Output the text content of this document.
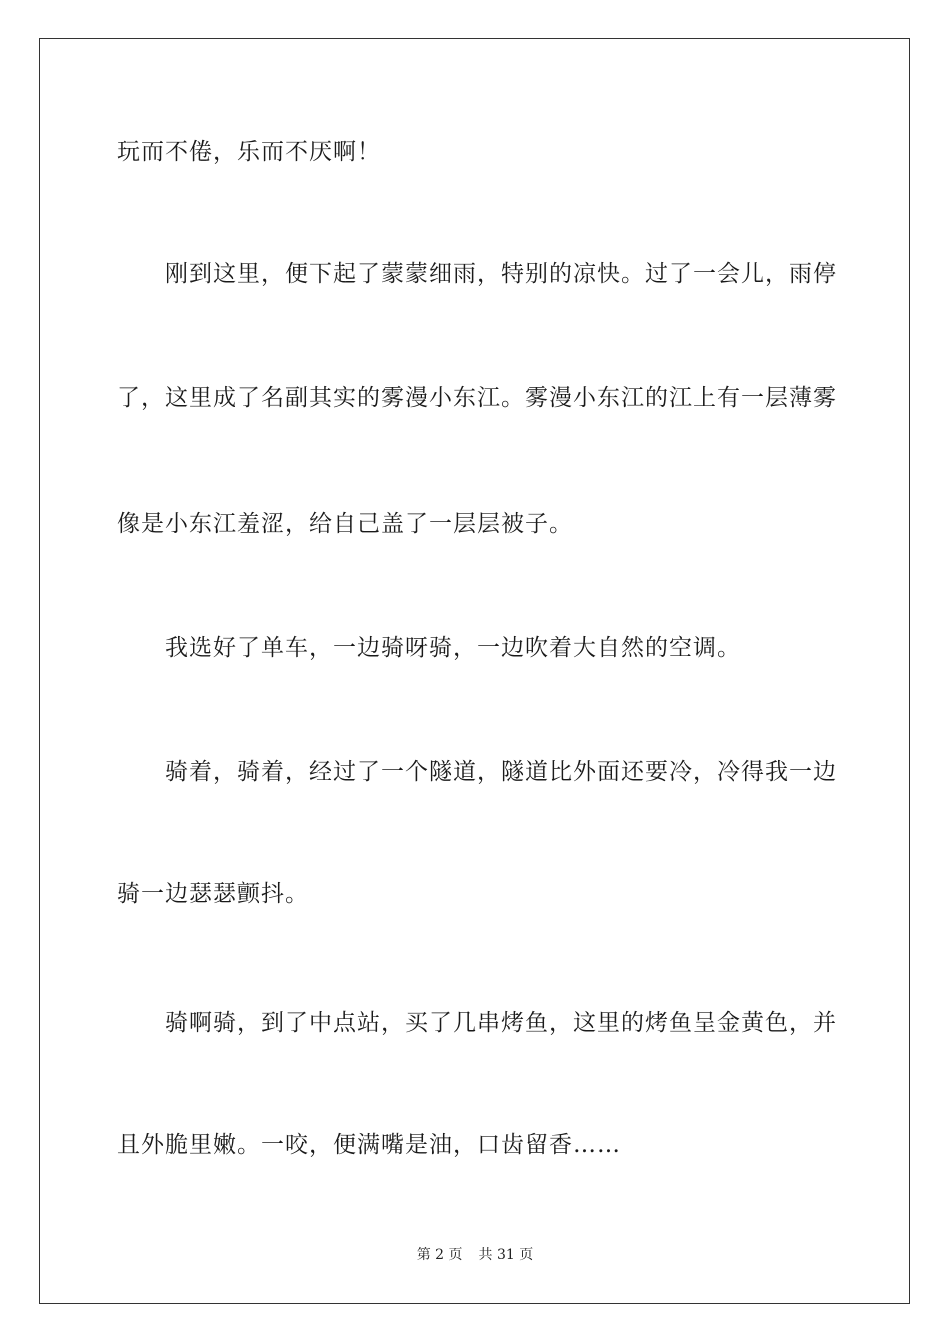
玩而不倦，乐而不厌啊！
刚到这里，便下起了蒙蒙细雨，特别的凉快。过了一会儿，雨停
了，这里成了名副其实的雾漫小东江。雾漫小东江的江上有一层薄雾
像是小东江羞涩，给自己盖了一层层被子。
我选好了单车，一边骑呀骑，一边吹着大自然的空调。
骑着，骑着，经过了一个隧道，隧道比外面还要冷，冷得我一边
骑一边瑟瑟颤抖。
骑啊骑，到了中点站，买了几串烤鱼，这里的烤鱼呈金黄色，并
且外脆里嫩。一咬，便满嘴是油，口齿留香……
第 2 页 共 31 页
